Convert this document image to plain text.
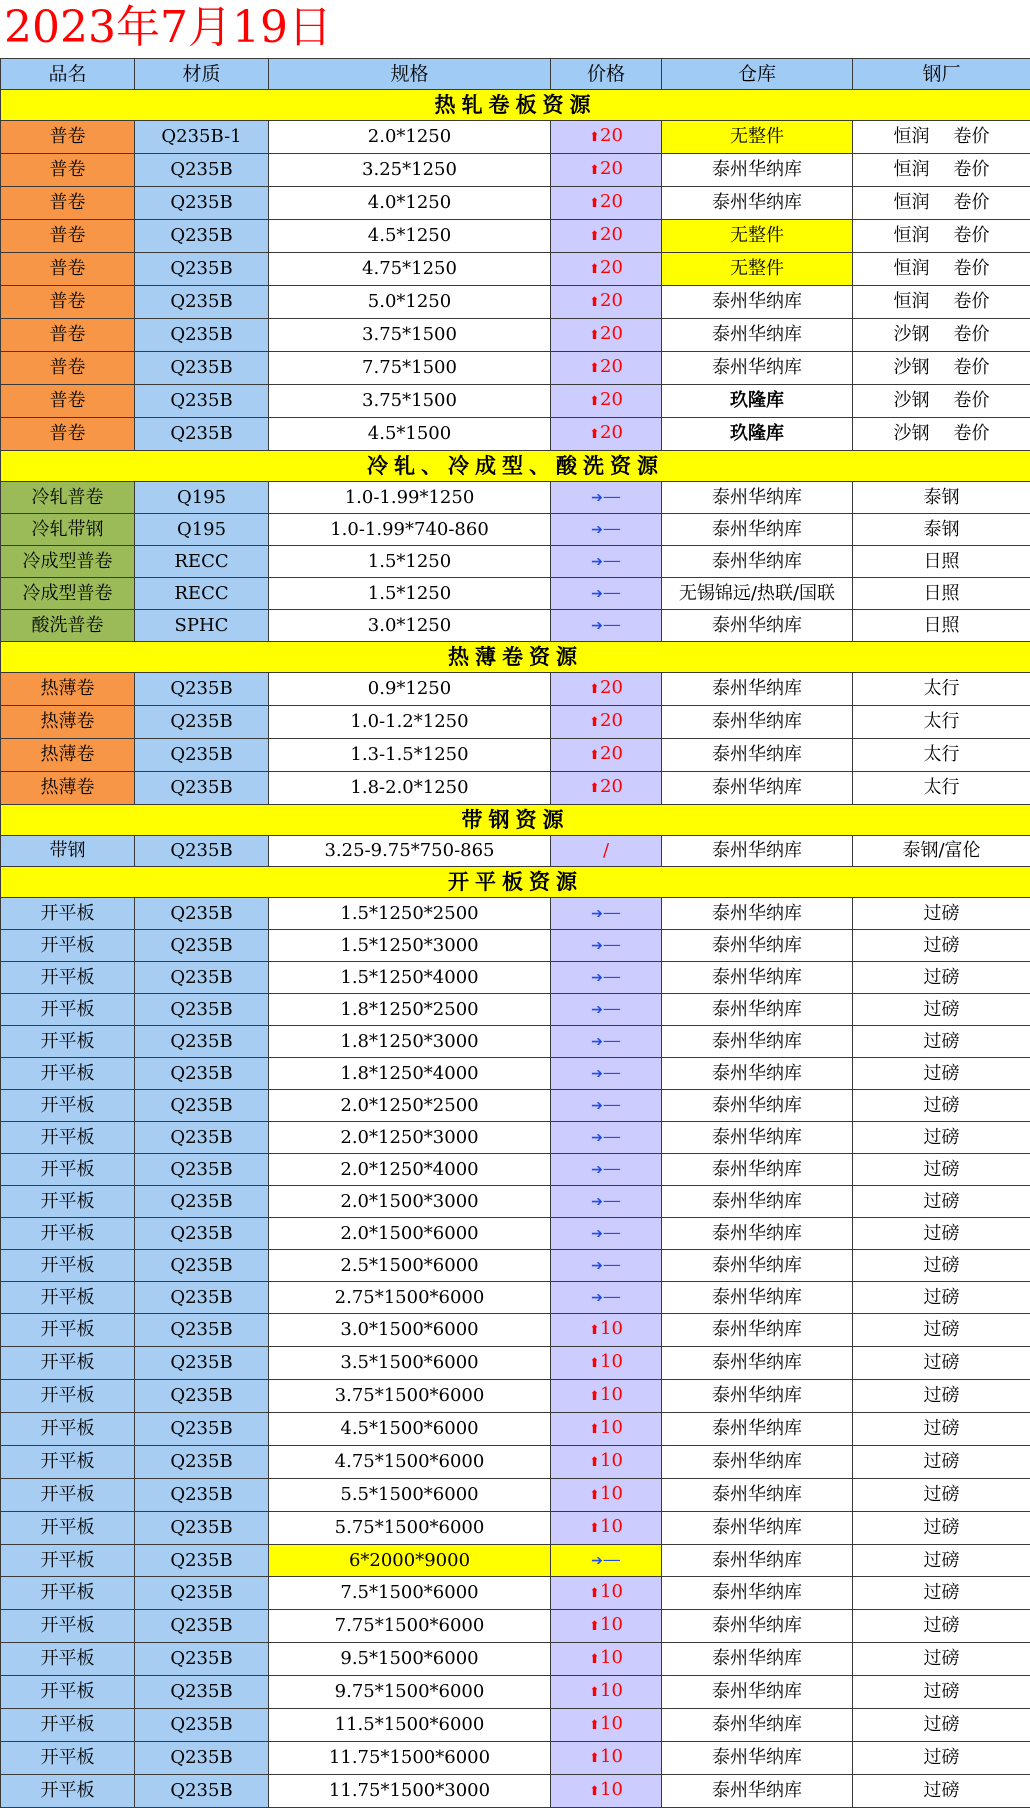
2023年7月19日
品名	材质	规格	价格	仓库	钢厂
热轧卷板资源					
普卷	Q235B-1	2.0*1250	⬆20	无整件	恒润 卷价
普卷	Q235B	3.25*1250	⬆20	泰州华纳库	恒润 卷价
普卷	Q235B	4.0*1250	⬆20	泰州华纳库	恒润 卷价
普卷	Q235B	4.5*1250	⬆20	无整件	恒润 卷价
普卷	Q235B	4.75*1250	⬆20	无整件	恒润 卷价
普卷	Q235B	5.0*1250	⬆20	泰州华纳库	恒润 卷价
普卷	Q235B	3.75*1500	⬆20	泰州华纳库	沙钢 卷价
普卷	Q235B	7.75*1500	⬆20	泰州华纳库	沙钢 卷价
普卷	Q235B	3.75*1500	⬆20	玖隆库	沙钢 卷价
普卷	Q235B	4.5*1500	⬆20	玖隆库	沙钢 卷价
冷轧、冷成型、酸洗资源					
冷轧普卷	Q195	1.0-1.99*1250	➔—	泰州华纳库	泰钢
冷轧带钢	Q195	1.0-1.99*740-860	➔—	泰州华纳库	泰钢
冷成型普卷	RECC	1.5*1250	➔—	泰州华纳库	日照
冷成型普卷	RECC	1.5*1250	➔—	无锡锦远/热联/国联	日照
酸洗普卷	SPHC	3.0*1250	➔—	泰州华纳库	日照
热薄卷资源					
热薄卷	Q235B	0.9*1250	⬆20	泰州华纳库	太行
热薄卷	Q235B	1.0-1.2*1250	⬆20	泰州华纳库	太行
热薄卷	Q235B	1.3-1.5*1250	⬆20	泰州华纳库	太行
热薄卷	Q235B	1.8-2.0*1250	⬆20	泰州华纳库	太行
带钢资源					
带钢	Q235B	3.25-9.75*750-865	/	泰州华纳库	泰钢/富伦
开平板资源					
开平板	Q235B	1.5*1250*2500	➔—	泰州华纳库	过磅
开平板	Q235B	1.5*1250*3000	➔—	泰州华纳库	过磅
开平板	Q235B	1.5*1250*4000	➔—	泰州华纳库	过磅
开平板	Q235B	1.8*1250*2500	➔—	泰州华纳库	过磅
开平板	Q235B	1.8*1250*3000	➔—	泰州华纳库	过磅
开平板	Q235B	1.8*1250*4000	➔—	泰州华纳库	过磅
开平板	Q235B	2.0*1250*2500	➔—	泰州华纳库	过磅
开平板	Q235B	2.0*1250*3000	➔—	泰州华纳库	过磅
开平板	Q235B	2.0*1250*4000	➔—	泰州华纳库	过磅
开平板	Q235B	2.0*1500*3000	➔—	泰州华纳库	过磅
开平板	Q235B	2.0*1500*6000	➔—	泰州华纳库	过磅
开平板	Q235B	2.5*1500*6000	➔—	泰州华纳库	过磅
开平板	Q235B	2.75*1500*6000	➔—	泰州华纳库	过磅
开平板	Q235B	3.0*1500*6000	⬆10	泰州华纳库	过磅
开平板	Q235B	3.5*1500*6000	⬆10	泰州华纳库	过磅
开平板	Q235B	3.75*1500*6000	⬆10	泰州华纳库	过磅
开平板	Q235B	4.5*1500*6000	⬆10	泰州华纳库	过磅
开平板	Q235B	4.75*1500*6000	⬆10	泰州华纳库	过磅
开平板	Q235B	5.5*1500*6000	⬆10	泰州华纳库	过磅
开平板	Q235B	5.75*1500*6000	⬆10	泰州华纳库	过磅
开平板	Q235B	6*2000*9000	➔—	泰州华纳库	过磅
开平板	Q235B	7.5*1500*6000	⬆10	泰州华纳库	过磅
开平板	Q235B	7.75*1500*6000	⬆10	泰州华纳库	过磅
开平板	Q235B	9.5*1500*6000	⬆10	泰州华纳库	过磅
开平板	Q235B	9.75*1500*6000	⬆10	泰州华纳库	过磅
开平板	Q235B	11.5*1500*6000	⬆10	泰州华纳库	过磅
开平板	Q235B	11.75*1500*6000	⬆10	泰州华纳库	过磅
开平板	Q235B	11.75*1500*3000	⬆10	泰州华纳库	过磅
